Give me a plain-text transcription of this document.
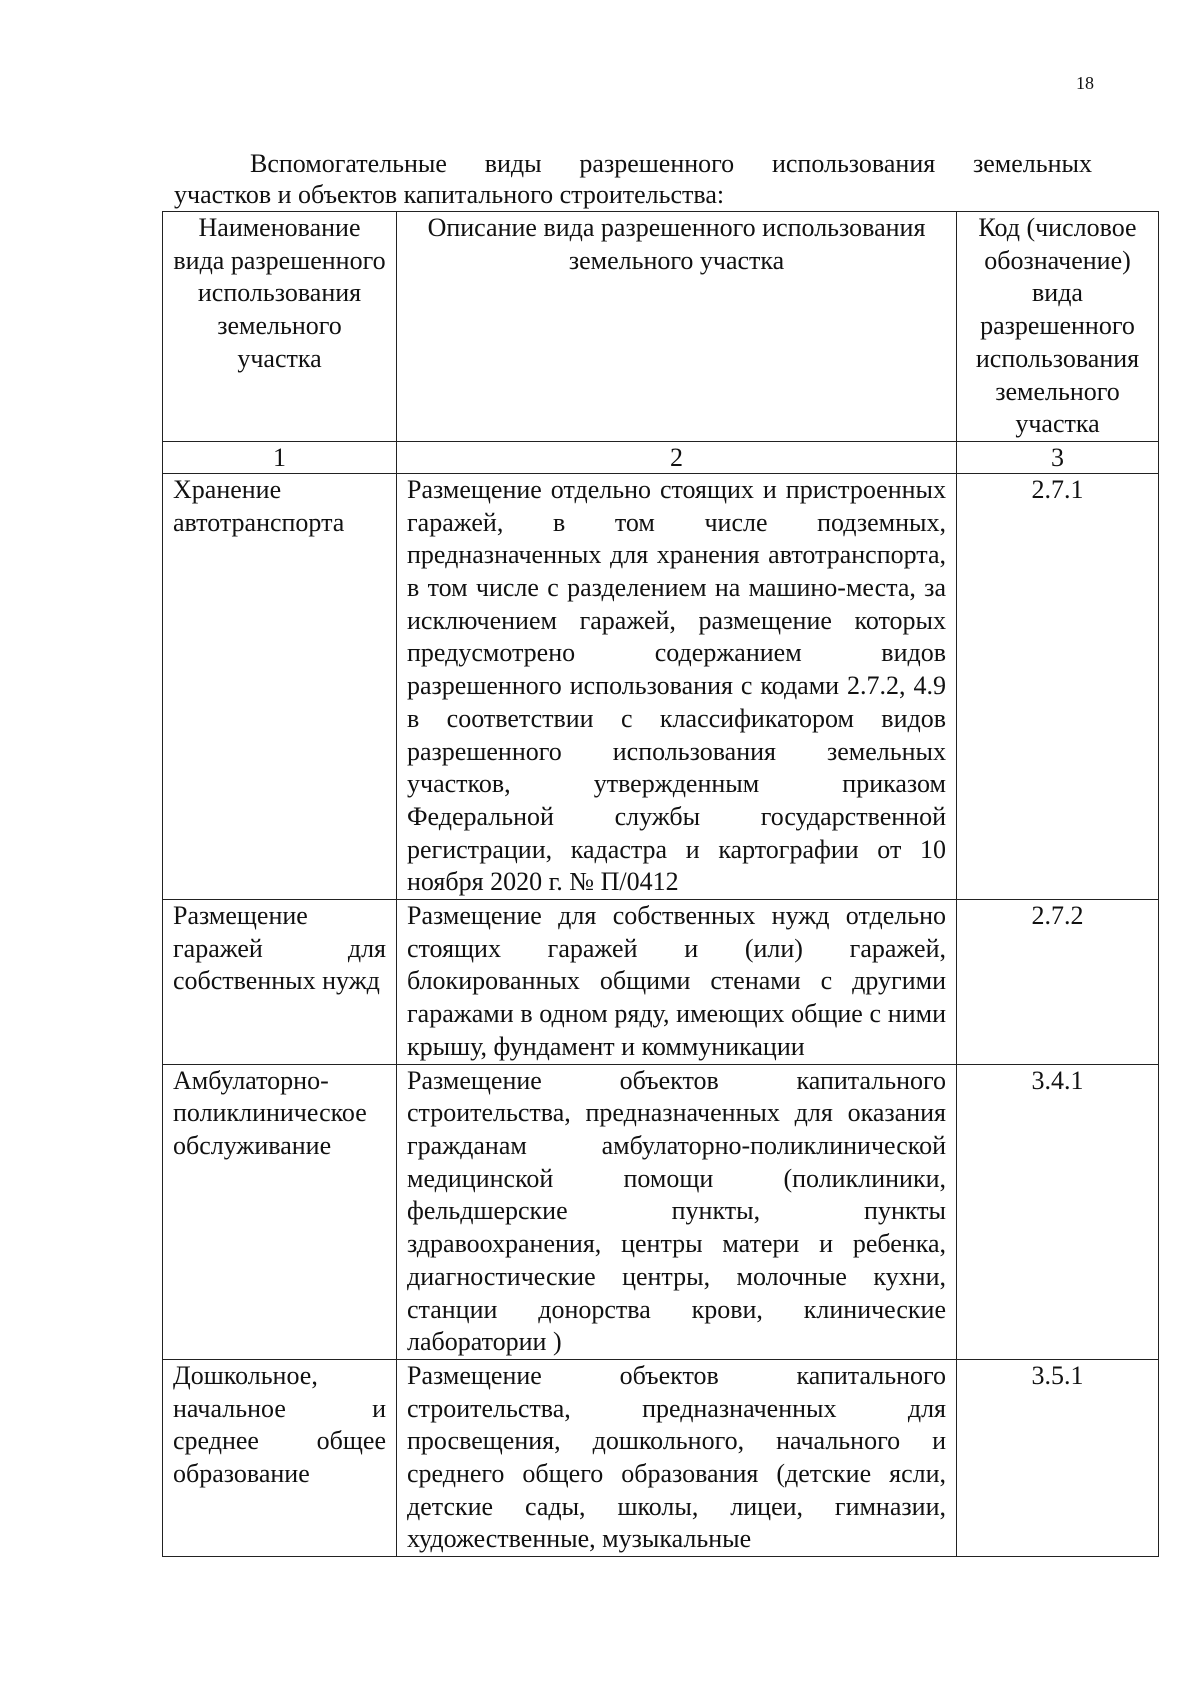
18
Вспомогательные виды разрешенного использования земельных
участков и объектов капитального строительства:
Наименование вида разрешенного использования земельного участка	Описание вида разрешенного использования земельного участка	Код (числовое обозначение) вида разрешенного использования земельного участка
1	2	3
Хранение автотранспорта	Размещение отдельно стоящих и пристроенных гаражей, в том числе подземных, предназначенных для хранения автотранспорта, в том числе с разделением на машино-места, за исключением гаражей, размещение которых предусмотрено содержанием видов разрешенного использования с кодами 2.7.2, 4.9 в соответствии с классификатором видов разрешенного использования земельных участков, утвержденным приказом Федеральной службы государственной регистрации, кадастра и картографии от 10 ноября 2020 г. № П/0412	2.7.1
Размещение гаражей для собственных нужд	Размещение для собственных нужд отдельно стоящих гаражей и (или) гаражей, блокированных общими стенами с другими гаражами в одном ряду, имеющих общие с ними крышу, фундамент и коммуникации	2.7.2
Амбулаторно-поликлиническое обслуживание	Размещение объектов капитального строительства, предназначенных для оказания гражданам амбулаторно-поликлинической медицинской помощи (поликлиники, фельдшерские пункты, пункты здравоохранения, центры матери и ребенка, диагностические центры, молочные кухни, станции донорства крови, клинические лаборатории )	3.4.1
Дошкольное, начальное и среднее общее образование	Размещение объектов капитального строительства, предназначенных для просвещения, дошкольного, начального и среднего общего образования (детские ясли, детские сады, школы, лицеи, гимназии, художественные, музыкальные	3.5.1
